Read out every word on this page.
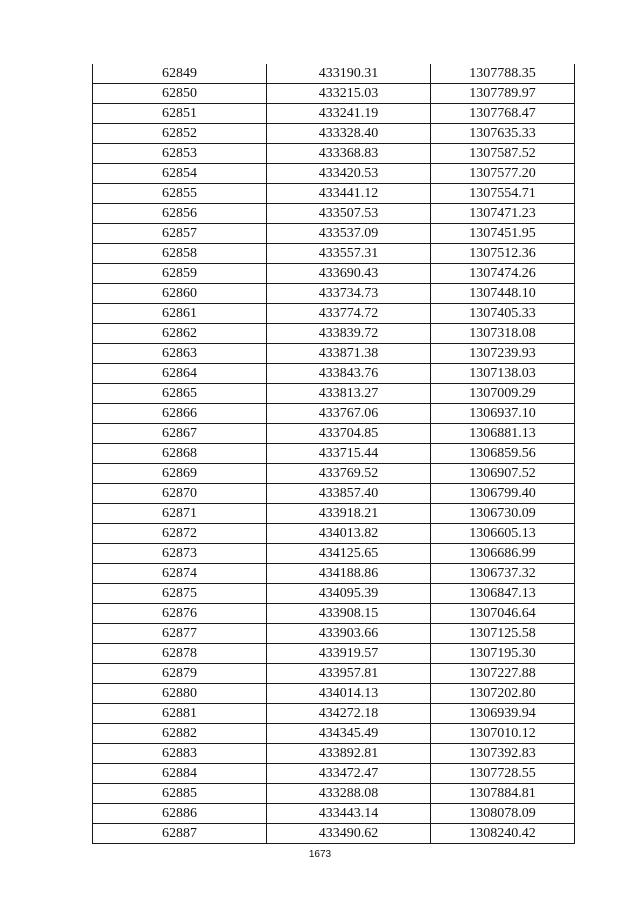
62849	433190.31	1307788.35
62850	433215.03	1307789.97
62851	433241.19	1307768.47
62852	433328.40	1307635.33
62853	433368.83	1307587.52
62854	433420.53	1307577.20
62855	433441.12	1307554.71
62856	433507.53	1307471.23
62857	433537.09	1307451.95
62858	433557.31	1307512.36
62859	433690.43	1307474.26
62860	433734.73	1307448.10
62861	433774.72	1307405.33
62862	433839.72	1307318.08
62863	433871.38	1307239.93
62864	433843.76	1307138.03
62865	433813.27	1307009.29
62866	433767.06	1306937.10
62867	433704.85	1306881.13
62868	433715.44	1306859.56
62869	433769.52	1306907.52
62870	433857.40	1306799.40
62871	433918.21	1306730.09
62872	434013.82	1306605.13
62873	434125.65	1306686.99
62874	434188.86	1306737.32
62875	434095.39	1306847.13
62876	433908.15	1307046.64
62877	433903.66	1307125.58
62878	433919.57	1307195.30
62879	433957.81	1307227.88
62880	434014.13	1307202.80
62881	434272.18	1306939.94
62882	434345.49	1307010.12
62883	433892.81	1307392.83
62884	433472.47	1307728.55
62885	433288.08	1307884.81
62886	433443.14	1308078.09
62887	433490.62	1308240.42
1673
